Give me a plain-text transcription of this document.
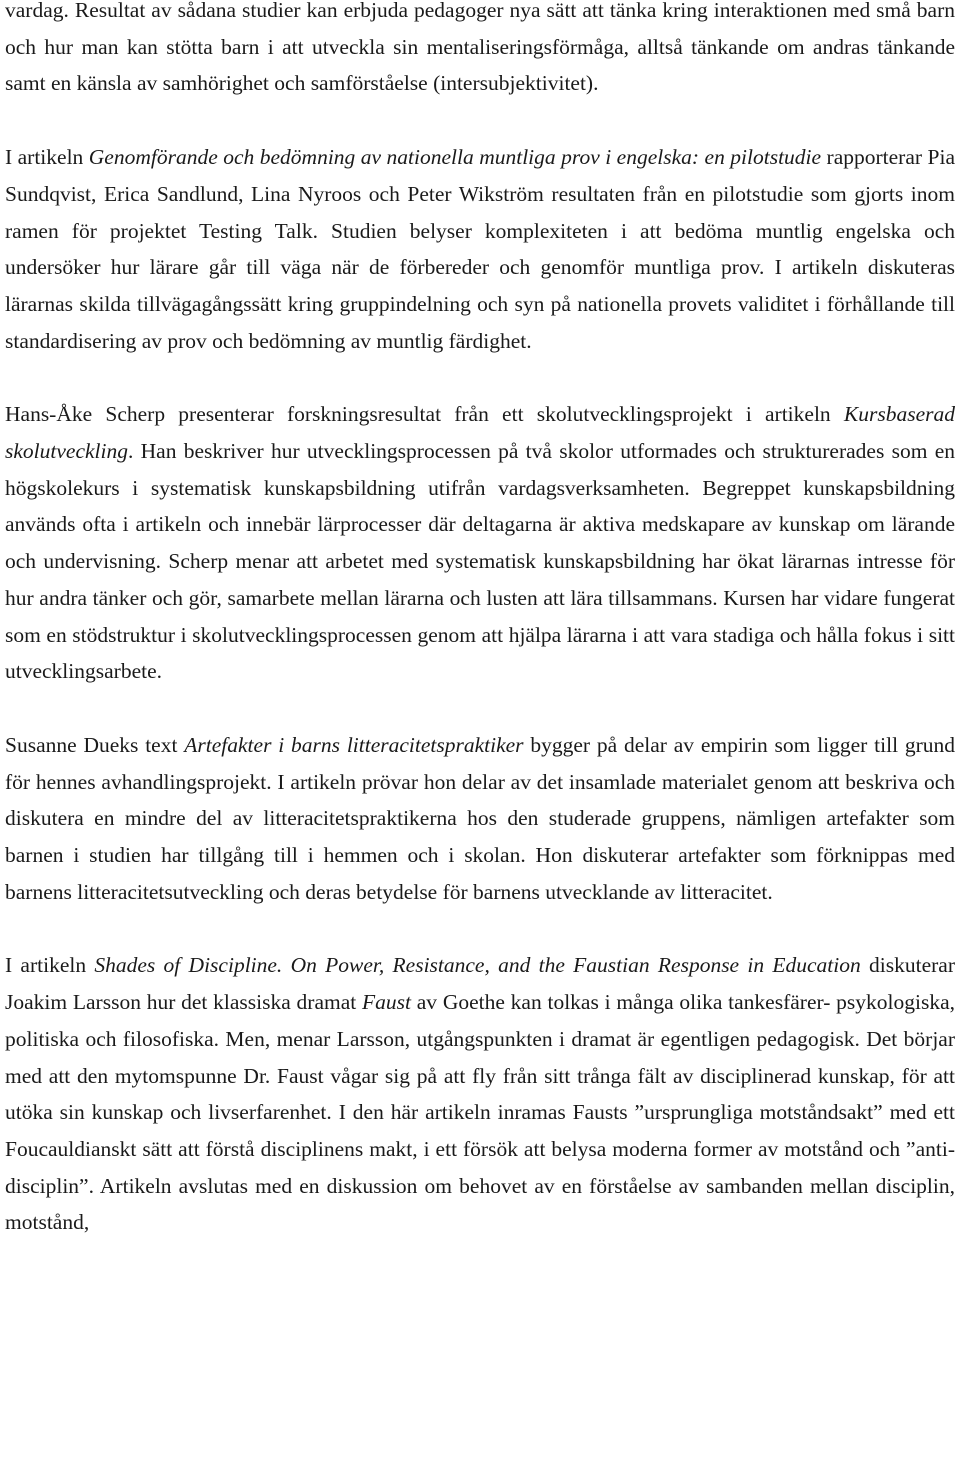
vardag. Resultat av sådana studier kan erbjuda pedagoger nya sätt att tänka kring interaktionen med små barn och hur man kan stötta barn i att utveckla sin mentaliseringsförmåga, alltså tänkande om andras tänkande samt en känsla av samhörighet och samförståelse (intersubjektivitet).

I artikeln Genomförande och bedömning av nationella muntliga prov i engelska: en pilotstudie rapporterar Pia Sundqvist, Erica Sandlund, Lina Nyroos och Peter Wikström resultaten från en pilotstudie som gjorts inom ramen för projektet Testing Talk. Studien belyser komplexiteten i att bedöma muntlig engelska och undersöker hur lärare går till väga när de förbereder och genomför muntliga prov. I artikeln diskuteras lärarnas skilda tillvägagångssätt kring gruppindelning och syn på nationella provets validitet i förhållande till standardisering av prov och bedömning av muntlig färdighet.

Hans-Åke Scherp presenterar forskningsresultat från ett skolutvecklingsprojekt i artikeln Kursbaserad skolutveckling. Han beskriver hur utvecklingsprocessen på två skolor utformades och strukturerades som en högskolekurs i systematisk kunskapsbildning utifrån vardagsverksamheten. Begreppet kunskapsbildning används ofta i artikeln och innebär lärprocesser där deltagarna är aktiva medskapare av kunskap om lärande och undervisning. Scherp menar att arbetet med systematisk kunskapsbildning har ökat lärarnas intresse för hur andra tänker och gör, samarbete mellan lärarna och lusten att lära tillsammans. Kursen har vidare fungerat som en stödstruktur i skolutvecklingsprocessen genom att hjälpa lärarna i att vara stadiga och hålla fokus i sitt utvecklingsarbete.

Susanne Dueks text Artefakter i barns litteracitetspraktiker bygger på delar av empirin som ligger till grund för hennes avhandlingsprojekt. I artikeln prövar hon delar av det insamlade materialet genom att beskriva och diskutera en mindre del av litteracitetspraktikerna hos den studerade gruppens, nämligen artefakter som barnen i studien har tillgång till i hemmen och i skolan. Hon diskuterar artefakter som förknippas med barnens litteracitetsutveckling och deras betydelse för barnens utvecklande av litteracitet.

I artikeln Shades of Discipline. On Power, Resistance, and the Faustian Response in Education diskuterar Joakim Larsson hur det klassiska dramat Faust av Goethe kan tolkas i många olika tankesfärer- psykologiska, politiska och filosofiska. Men, menar Larsson, utgångspunkten i dramat är egentligen pedagogisk. Det börjar med att den mytomspunne Dr. Faust vågar sig på att fly från sitt trånga fält av disciplinerad kunskap, för att utöka sin kunskap och livserfarenhet. I den här artikeln inramas Fausts ”ursprungliga motståndsakt” med ett Foucauldianskt sätt att förstå disciplinens makt, i ett försök att belysa moderna former av motstånd och ”anti-disciplin”. Artikeln avslutas med en diskussion om behovet av en förståelse av sambanden mellan disciplin, motstånd,
